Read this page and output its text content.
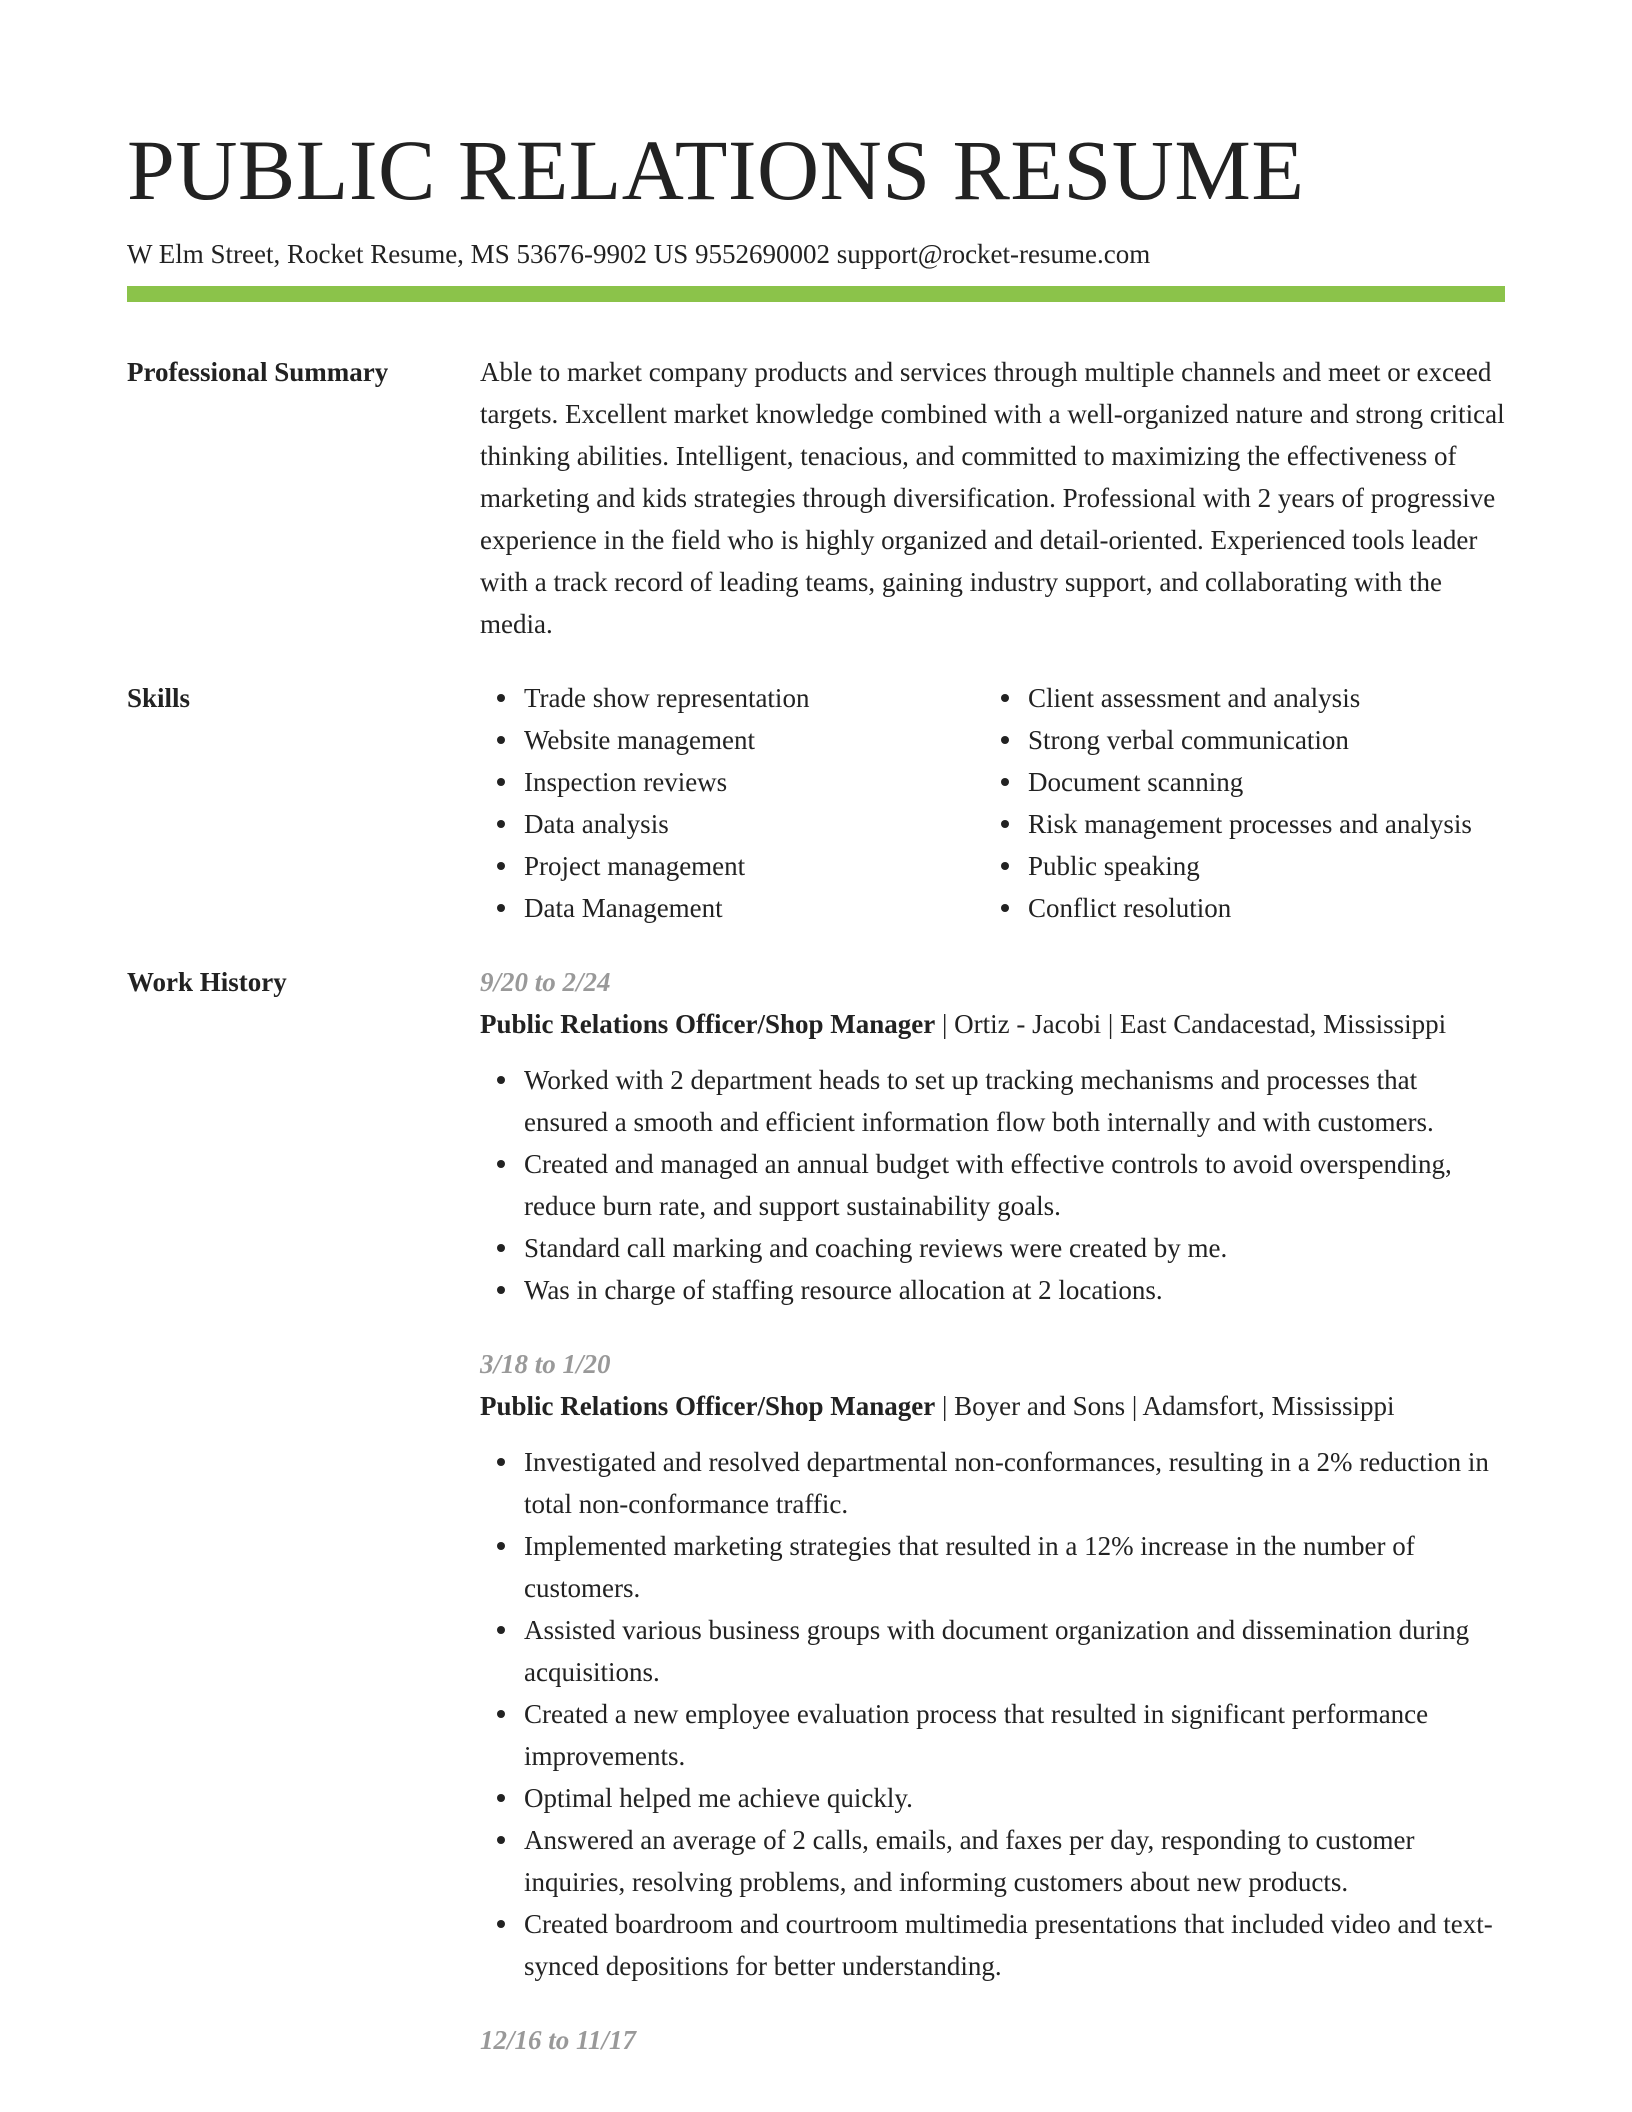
PUBLIC RELATIONS RESUME
W Elm Street, Rocket Resume, MS 53676-9902 US 9552690002 support@rocket-resume.com
Professional Summary	Able to market company products and services through multiple channels and meet or exceed targets. Excellent market knowledge combined with a well-organized nature and strong critical thinking abilities. Intelligent, tenacious, and committed to maximizing the effectiveness of marketing and kids strategies through diversification. Professional with 2 years of progressive experience in the field who is highly organized and detail-oriented. Experienced tools leader with a track record of leading teams, gaining industry support, and collaborating with the media.

Skills	Trade show representation
Website management
Inspection reviews
Data analysis
Project management
Data Management
Client assessment and analysis
Strong verbal communication
Document scanning
Risk management processes and analysis
Public speaking
Conflict resolution
Work History	9/20 to 2/24
Public Relations Officer/Shop Manager | Ortiz - Jacobi | East Candacestad, Mississippi
Worked with 2 department heads to set up tracking mechanisms and processes that ensured a smooth and efficient information flow both internally and with customers.
Created and managed an annual budget with effective controls to avoid overspending, reduce burn rate, and support sustainability goals.
Standard call marking and coaching reviews were created by me.
Was in charge of staffing resource allocation at 2 locations.
3/18 to 1/20
Public Relations Officer/Shop Manager | Boyer and Sons | Adamsfort, Mississippi
Investigated and resolved departmental non-conformances, resulting in a 2% reduction in total non-conformance traffic.
Implemented marketing strategies that resulted in a 12% increase in the number of customers.
Assisted various business groups with document organization and dissemination during acquisitions.
Created a new employee evaluation process that resulted in significant performance improvements.
Optimal helped me achieve quickly.
Answered an average of 2 calls, emails, and faxes per day, responding to customer inquiries, resolving problems, and informing customers about new products.
Created boardroom and courtroom multimedia presentations that included video and text-synced depositions for better understanding.
12/16 to 11/17
